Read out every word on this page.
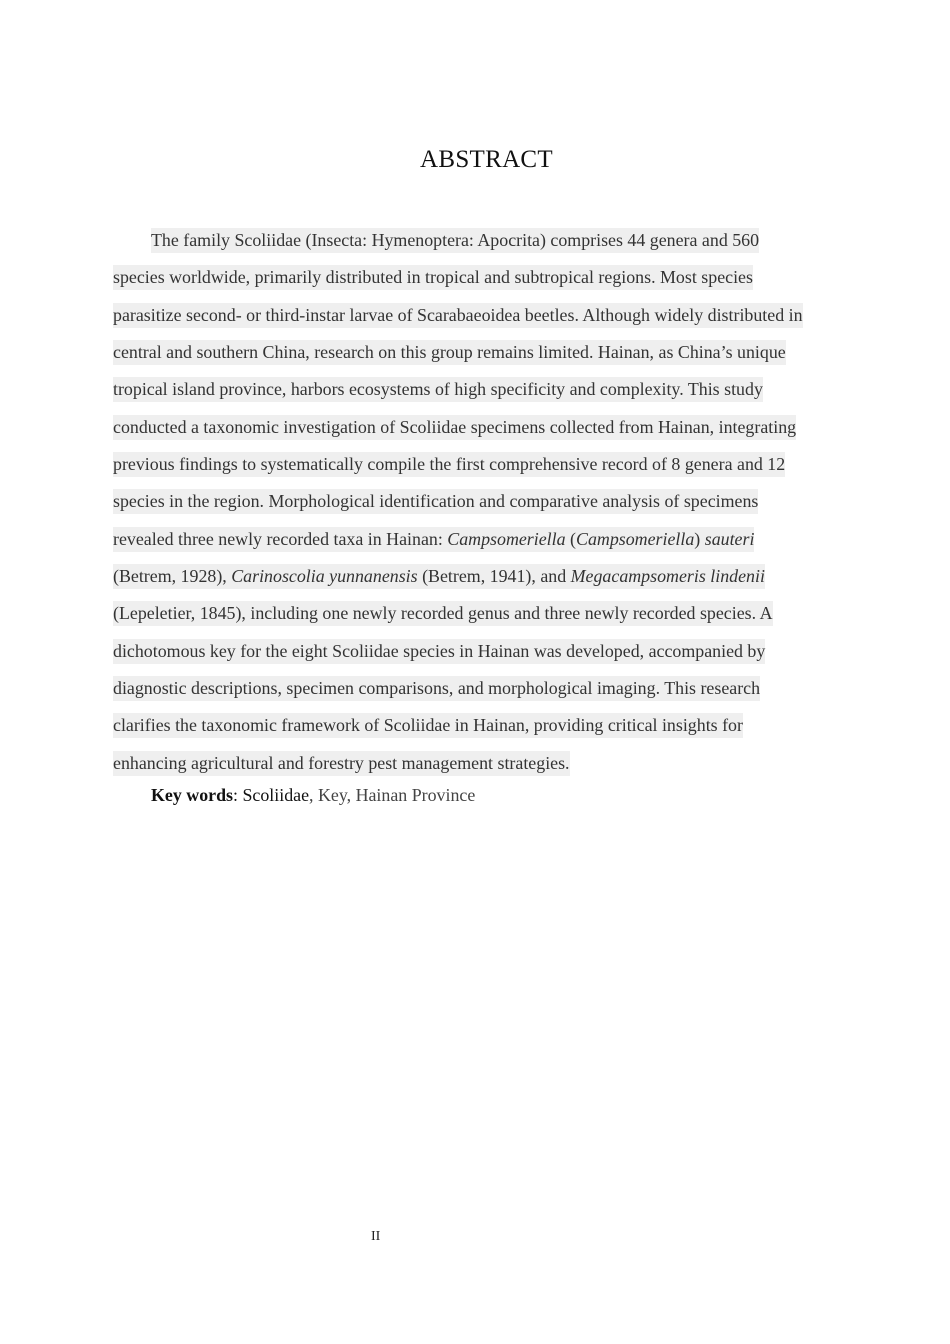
ABSTRACT
The family Scoliidae (Insecta: Hymenoptera: Apocrita) comprises 44 genera and 560
species worldwide, primarily distributed in tropical and subtropical regions. Most species
parasitize second- or third-instar larvae of Scarabaeoidea beetles. Although widely distributed in
central and southern China, research on this group remains limited. Hainan, as China’s unique
tropical island province, harbors ecosystems of high specificity and complexity. This study
conducted a taxonomic investigation of Scoliidae specimens collected from Hainan, integrating
previous findings to systematically compile the first comprehensive record of 8 genera and 12
species in the region. Morphological identification and comparative analysis of specimens
revealed three newly recorded taxa in Hainan: Campsomeriella (Campsomeriella) sauteri
(Betrem, 1928), Carinoscolia yunnanensis (Betrem, 1941), and Megacampsomeris lindenii
(Lepeletier, 1845), including one newly recorded genus and three newly recorded species. A
dichotomous key for the eight Scoliidae species in Hainan was developed, accompanied by
diagnostic descriptions, specimen comparisons, and morphological imaging. This research
clarifies the taxonomic framework of Scoliidae in Hainan, providing critical insights for
enhancing agricultural and forestry pest management strategies.
Key words: Scoliidae, Key, Hainan Province
II
